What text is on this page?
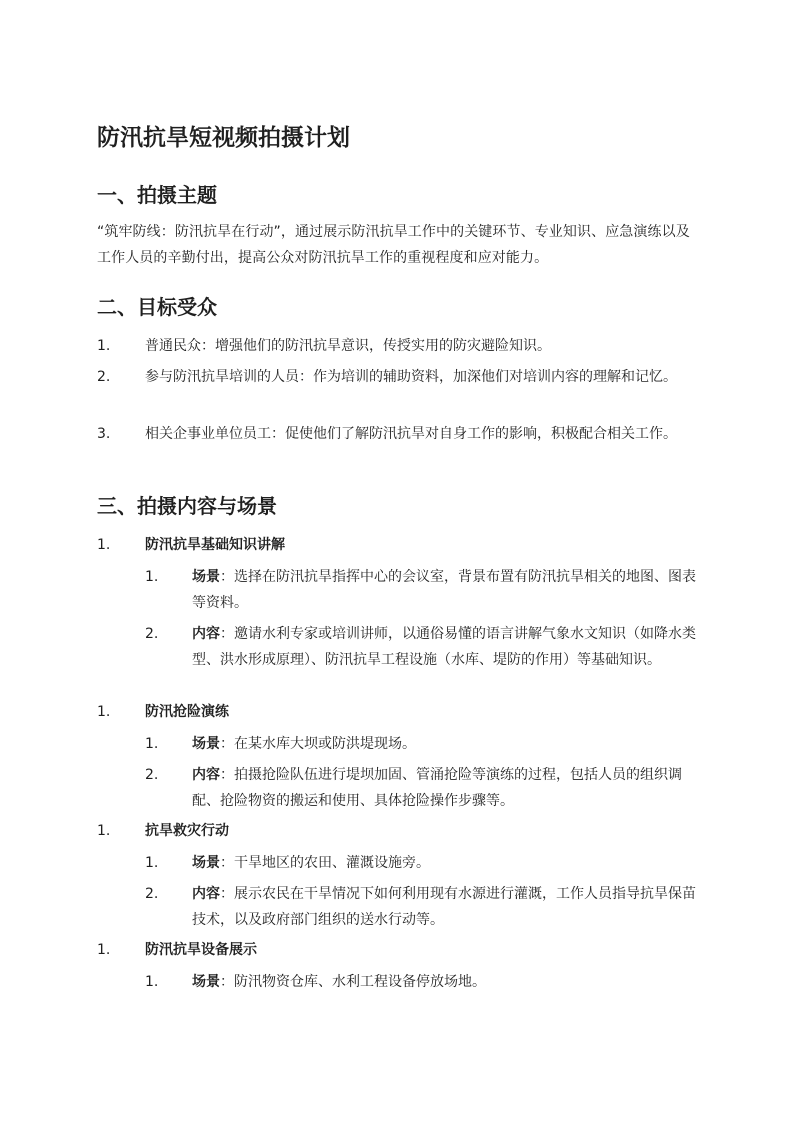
防汛抗旱短视频拍摄计划
一、拍摄主题

“筑牢防线：防汛抗旱在行动”，通过展示防汛抗旱工作中的关键环节、专业知识、应急演练以及工作人员的辛勤付出，提高公众对防汛抗旱工作的重视程度和应对能力。

二、目标受众
1. 普通民众：增强他们的防汛抗旱意识，传授实用的防灾避险知识。
2. 参与防汛抗旱培训的人员：作为培训的辅助资料，加深他们对培训内容的理解和记忆。
3. 相关企事业单位员工：促使他们了解防汛抗旱对自身工作的影响，积极配合相关工作。
三、拍摄内容与场景
1. 防汛抗旱基础知识讲解
1. 场景：选择在防汛抗旱指挥中心的会议室，背景布置有防汛抗旱相关的地图、图表等资料。
2. 内容：邀请水利专家或培训讲师，以通俗易懂的语言讲解气象水文知识（如降水类型、洪水形成原理）、防汛抗旱工程设施（水库、堤防的作用）等基础知识。
1. 防汛抢险演练
1. 场景：在某水库大坝或防洪堤现场。
2. 内容：拍摄抢险队伍进行堤坝加固、管涌抢险等演练的过程，包括人员的组织调配、抢险物资的搬运和使用、具体抢险操作步骤等。
1. 抗旱救灾行动
1. 场景：干旱地区的农田、灌溉设施旁。
2. 内容：展示农民在干旱情况下如何利用现有水源进行灌溉，工作人员指导抗旱保苗技术，以及政府部门组织的送水行动等。
1. 防汛抗旱设备展示
1. 场景：防汛物资仓库、水利工程设备停放场地。
